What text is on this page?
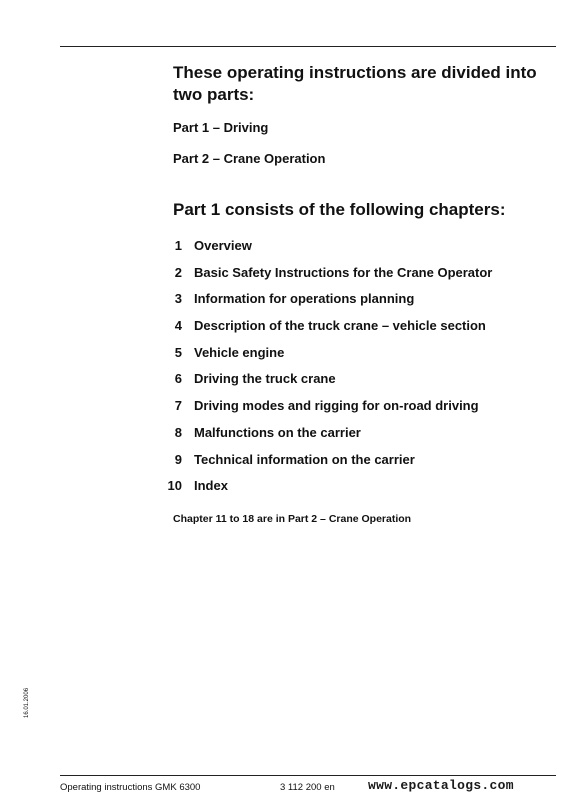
These operating instructions are divided into two parts:
Part 1 – Driving
Part 2 – Crane Operation
Part 1 consists of the following chapters:
1 Overview
2 Basic Safety Instructions for the Crane Operator
3 Information for operations planning
4 Description of the truck crane – vehicle section
5 Vehicle engine
6 Driving the truck crane
7 Driving modes and rigging for on-road driving
8 Malfunctions on the carrier
9 Technical information on the carrier
10 Index
Chapter 11 to 18 are in Part 2 – Crane Operation
16.01.2006
Operating instructions GMK 6300	3 112 200 en	www.epcatalogs.com
